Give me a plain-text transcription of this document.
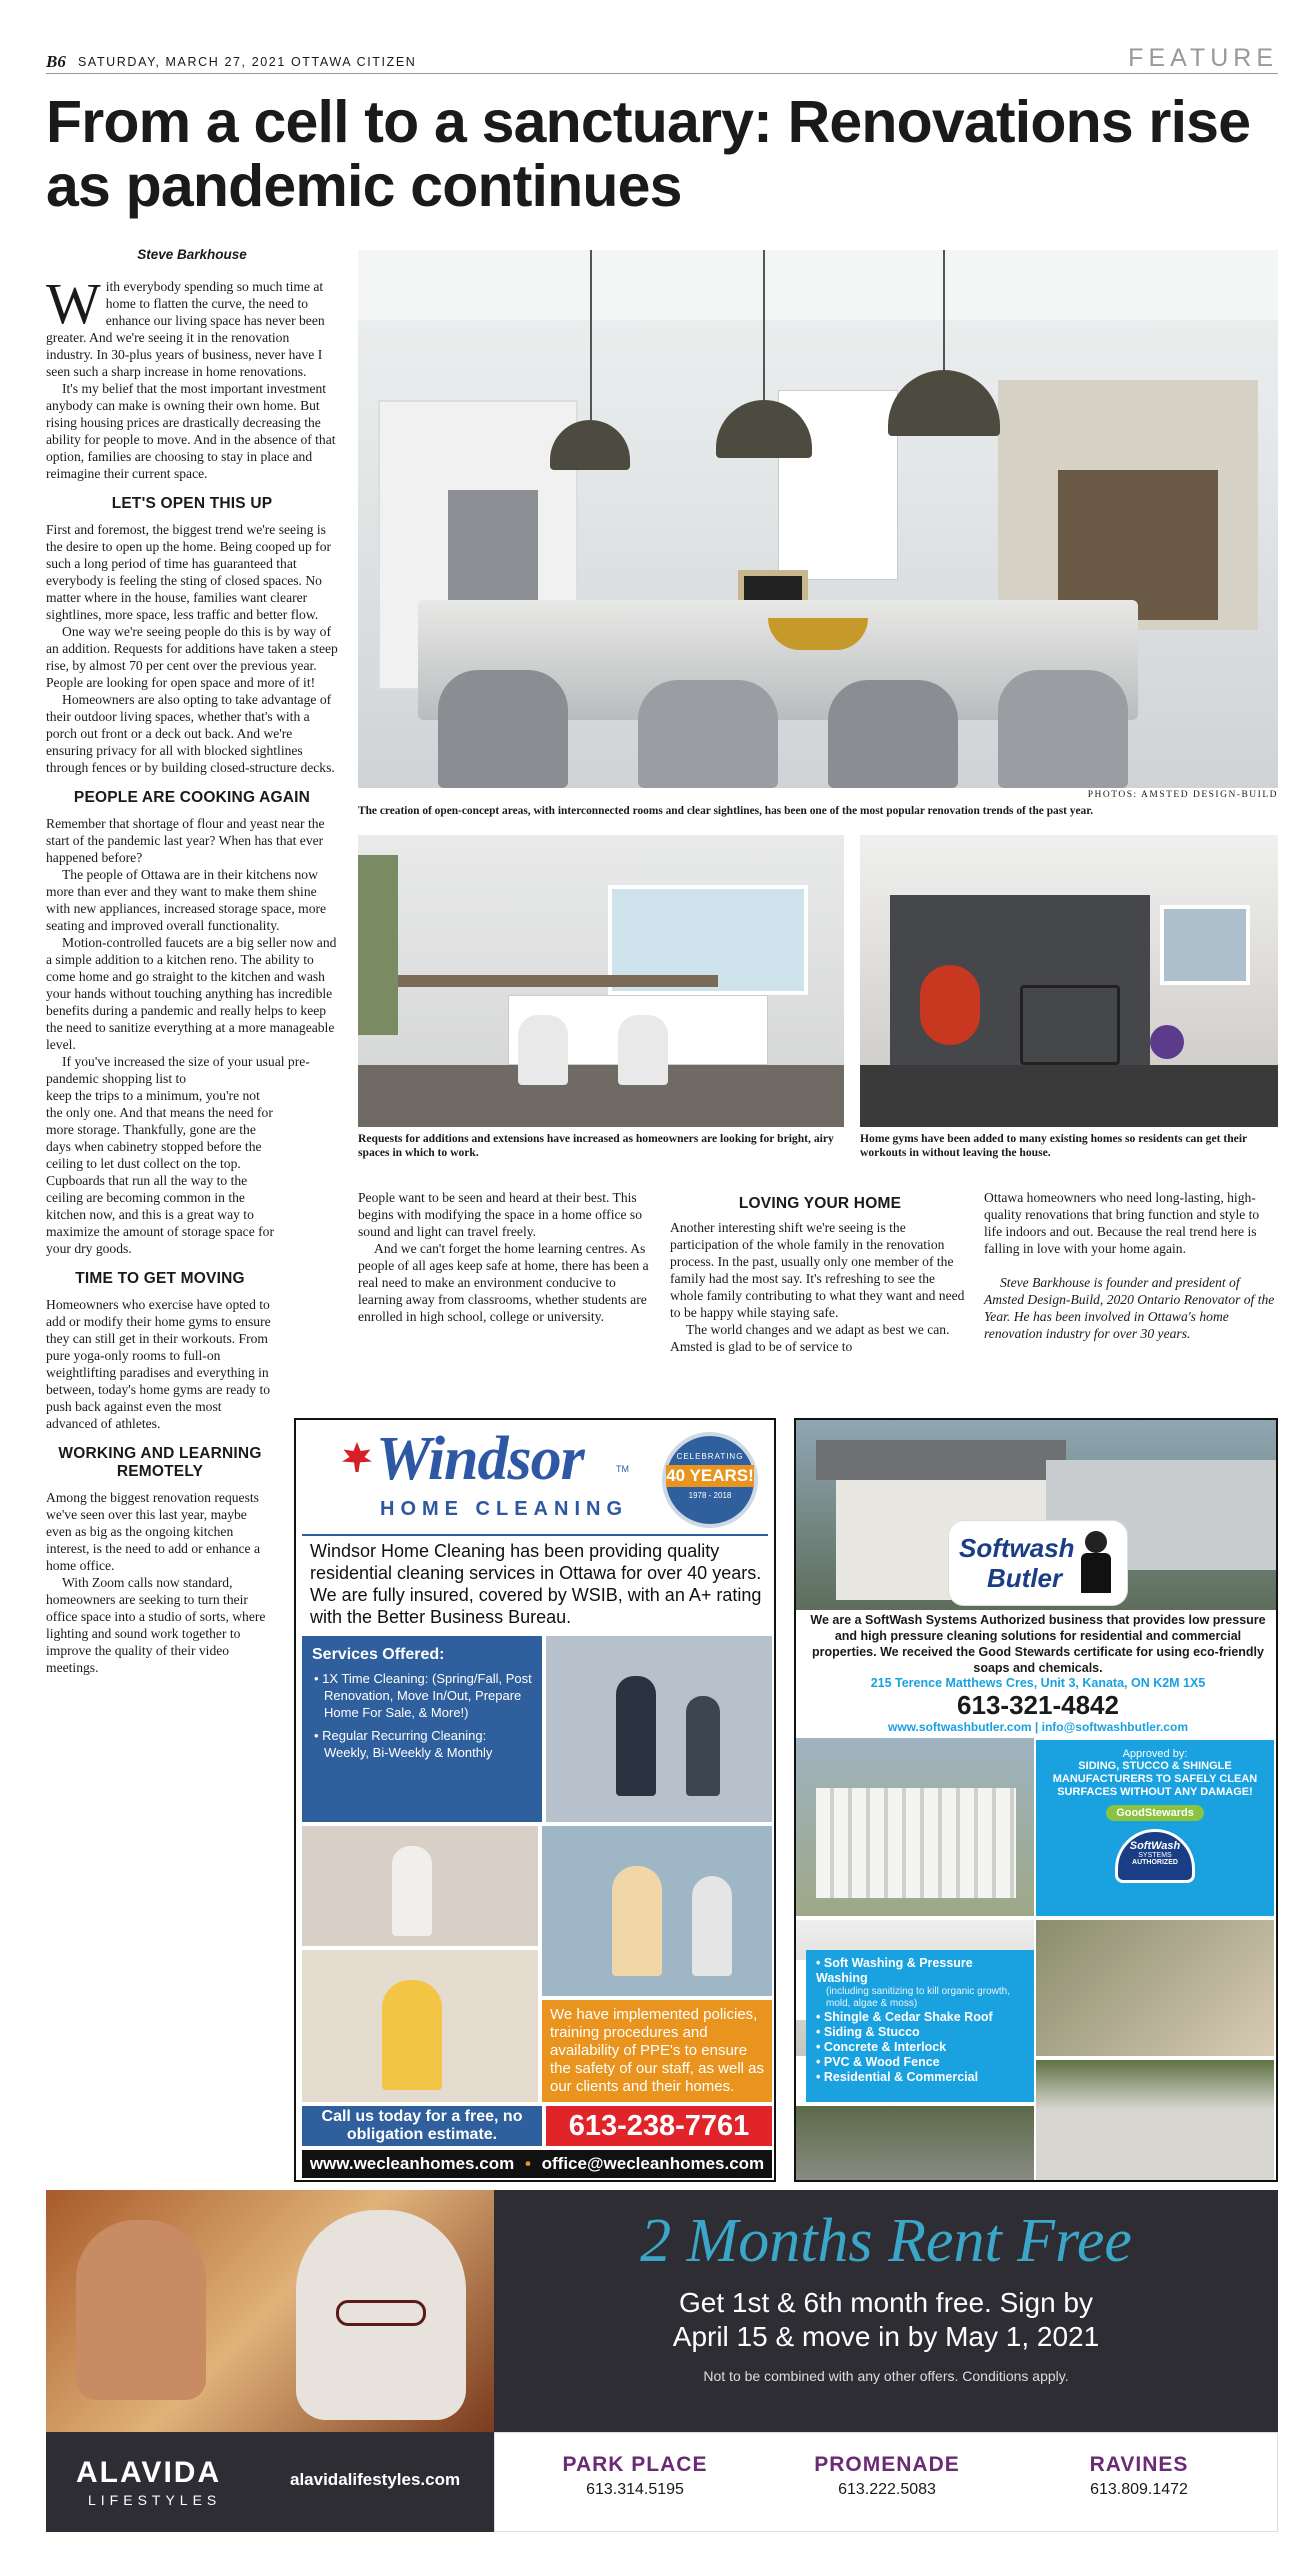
B6 SATURDAY, MARCH 27, 2021 OTTAWA CITIZEN	FEATURE
From a cell to a sanctuary: Renovations rise as pandemic continues
Steve Barkhouse

With everybody spending so much time at home to flatten the curve, the need to enhance our living space has never been greater. And we're seeing it in the renovation industry. In 30-plus years of business, never have I seen such a sharp increase in home renovations.

It's my belief that the most important investment anybody can make is owning their own home. But rising housing prices are drastically decreasing the ability for people to move. And in the absence of that option, families are choosing to stay in place and reimagine their current space.

LET'S OPEN THIS UP

First and foremost, the biggest trend we're seeing is the desire to open up the home. Being cooped up for such a long period of time has guaranteed that everybody is feeling the sting of closed spaces. No matter where in the house, families want clearer sightlines, more space, less traffic and better flow.

One way we're seeing people do this is by way of an addition. Requests for additions have taken a steep rise, by almost 70 per cent over the previous year. People are looking for open space and more of it!

Homeowners are also opting to take advantage of their outdoor living spaces, whether that's with a porch out front or a deck out back. And we're ensuring privacy for all with blocked sightlines through fences or by building closed-structure decks.

PEOPLE ARE COOKING AGAIN

Remember that shortage of flour and yeast near the start of the pandemic last year? When has that ever happened before?

The people of Ottawa are in their kitchens now more than ever and they want to make them shine with new appliances, increased storage space, more seating and improved overall functionality.

Motion-controlled faucets are a big seller now and a simple addition to a kitchen reno. The ability to come home and go straight to the kitchen and wash your hands without touching anything has incredible benefits during a pandemic and really helps to keep the need to sanitize everything at a more manageable level.

If you've increased the size of your usual pre-pandemic shopping list to

keep the trips to a minimum, you're not the only one. And that means the need for more storage. Thankfully, gone are the days when cabinetry stopped before the ceiling to let dust collect on the top. Cupboards that run all the way to the ceiling are becoming common in the kitchen now, and this is a great way to maximize the amount of storage space for your dry goods.

TIME TO GET MOVING

Homeowners who exercise have opted to add or modify their home gyms to ensure they can still get in their workouts. From pure yoga-only rooms to full-on weightlifting paradises and everything in between, today's home gyms are ready to push back against even the most advanced of athletes.

WORKING AND LEARNING REMOTELY

Among the biggest renovation requests we've seen over this last year, maybe even as big as the ongoing kitchen interest, is the need to add or enhance a home office.

With Zoom calls now standard, homeowners are seeking to turn their office space into a studio of sorts, where lighting and sound work together to improve the quality of their video meetings.

PHOTOS: AMSTED DESIGN-BUILD
The creation of open-concept areas, with interconnected rooms and clear sightlines, has been one of the most popular renovation trends of the past year.
Requests for additions and extensions have increased as homeowners are looking for bright, airy spaces in which to work.
Home gyms have been added to many existing homes so residents can get their workouts in without leaving the house.

People want to be seen and heard at their best. This begins with modifying the space in a home office so sound and light can travel freely.

And we can't forget the home learning centres. As people of all ages keep safe at home, there has been a real need to make an environment conducive to learning away from classrooms, whether students are enrolled in high school, college or university.

LOVING YOUR HOME

Another interesting shift we're seeing is the participation of the whole family in the renovation process. In the past, usually only one member of the family had the most say. It's refreshing to see the whole family contributing to what they want and need to be happy while staying safe.

The world changes and we adapt as best we can. Amsted is glad to be of service to

Ottawa homeowners who need long-lasting, high-quality renovations that bring function and style to life indoors and out. Because the real trend here is falling in love with your home again.

Steve Barkhouse is founder and president of Amsted Design-Build, 2020 Ontario Renovator of the Year. He has been involved in Ottawa's home renovation industry for over 30 years.

Windsor	TM
HOME CLEANING
CELEBRATING
40 YEARS!
1978 - 2018
Windsor Home Cleaning has been providing quality residential cleaning services in Ottawa for over 40 years. We are fully insured, covered by WSIB, with an A+ rating with the Better Business Bureau.
Services Offered:
• 1X Time Cleaning: (Spring/Fall, Post Renovation, Move In/Out, Prepare Home For Sale, & More!)
• Regular Recurring Cleaning: Weekly, Bi-Weekly & Monthly
We have implemented policies, training procedures and availability of PPE's to ensure the safety of our staff, as well as our clients and their homes.
Call us today for a free, no obligation estimate.	613-238-7761
www.wecleanhomes.com • office@wecleanhomes.com
Softwash
Butler
We are a SoftWash Systems Authorized business that provides low pressure and high pressure cleaning solutions for residential and commercial properties. We received the Good Stewards certificate for using eco-friendly soaps and chemicals.
215 Terence Matthews Cres, Unit 3, Kanata, ON K2M 1X5
613-321-4842
www.softwashbutler.com | info@softwashbutler.com
Approved by:
SIDING, STUCCO & SHINGLE MANUFACTURERS TO SAFELY CLEAN SURFACES WITHOUT ANY DAMAGE!
GoodStewards
SoftWash
SYSTEMS
AUTHORIZED
• Soft Washing & Pressure Washing
(including sanitizing to kill organic growth, mold, algae & moss)
• Shingle & Cedar Shake Roof
• Siding & Stucco
• Concrete & Interlock
• PVC & Wood Fence
• Residential & Commercial
2 Months Rent Free
Get 1st & 6th month free. Sign by
April 15 & move in by May 1, 2021
Not to be combined with any other offers. Conditions apply.
ALAVIDA
LIFESTYLES
alavidalifestyles.com
PARK PLACE
613.314.5195
PROMENADE
613.222.5083
RAVINES
613.809.1472
